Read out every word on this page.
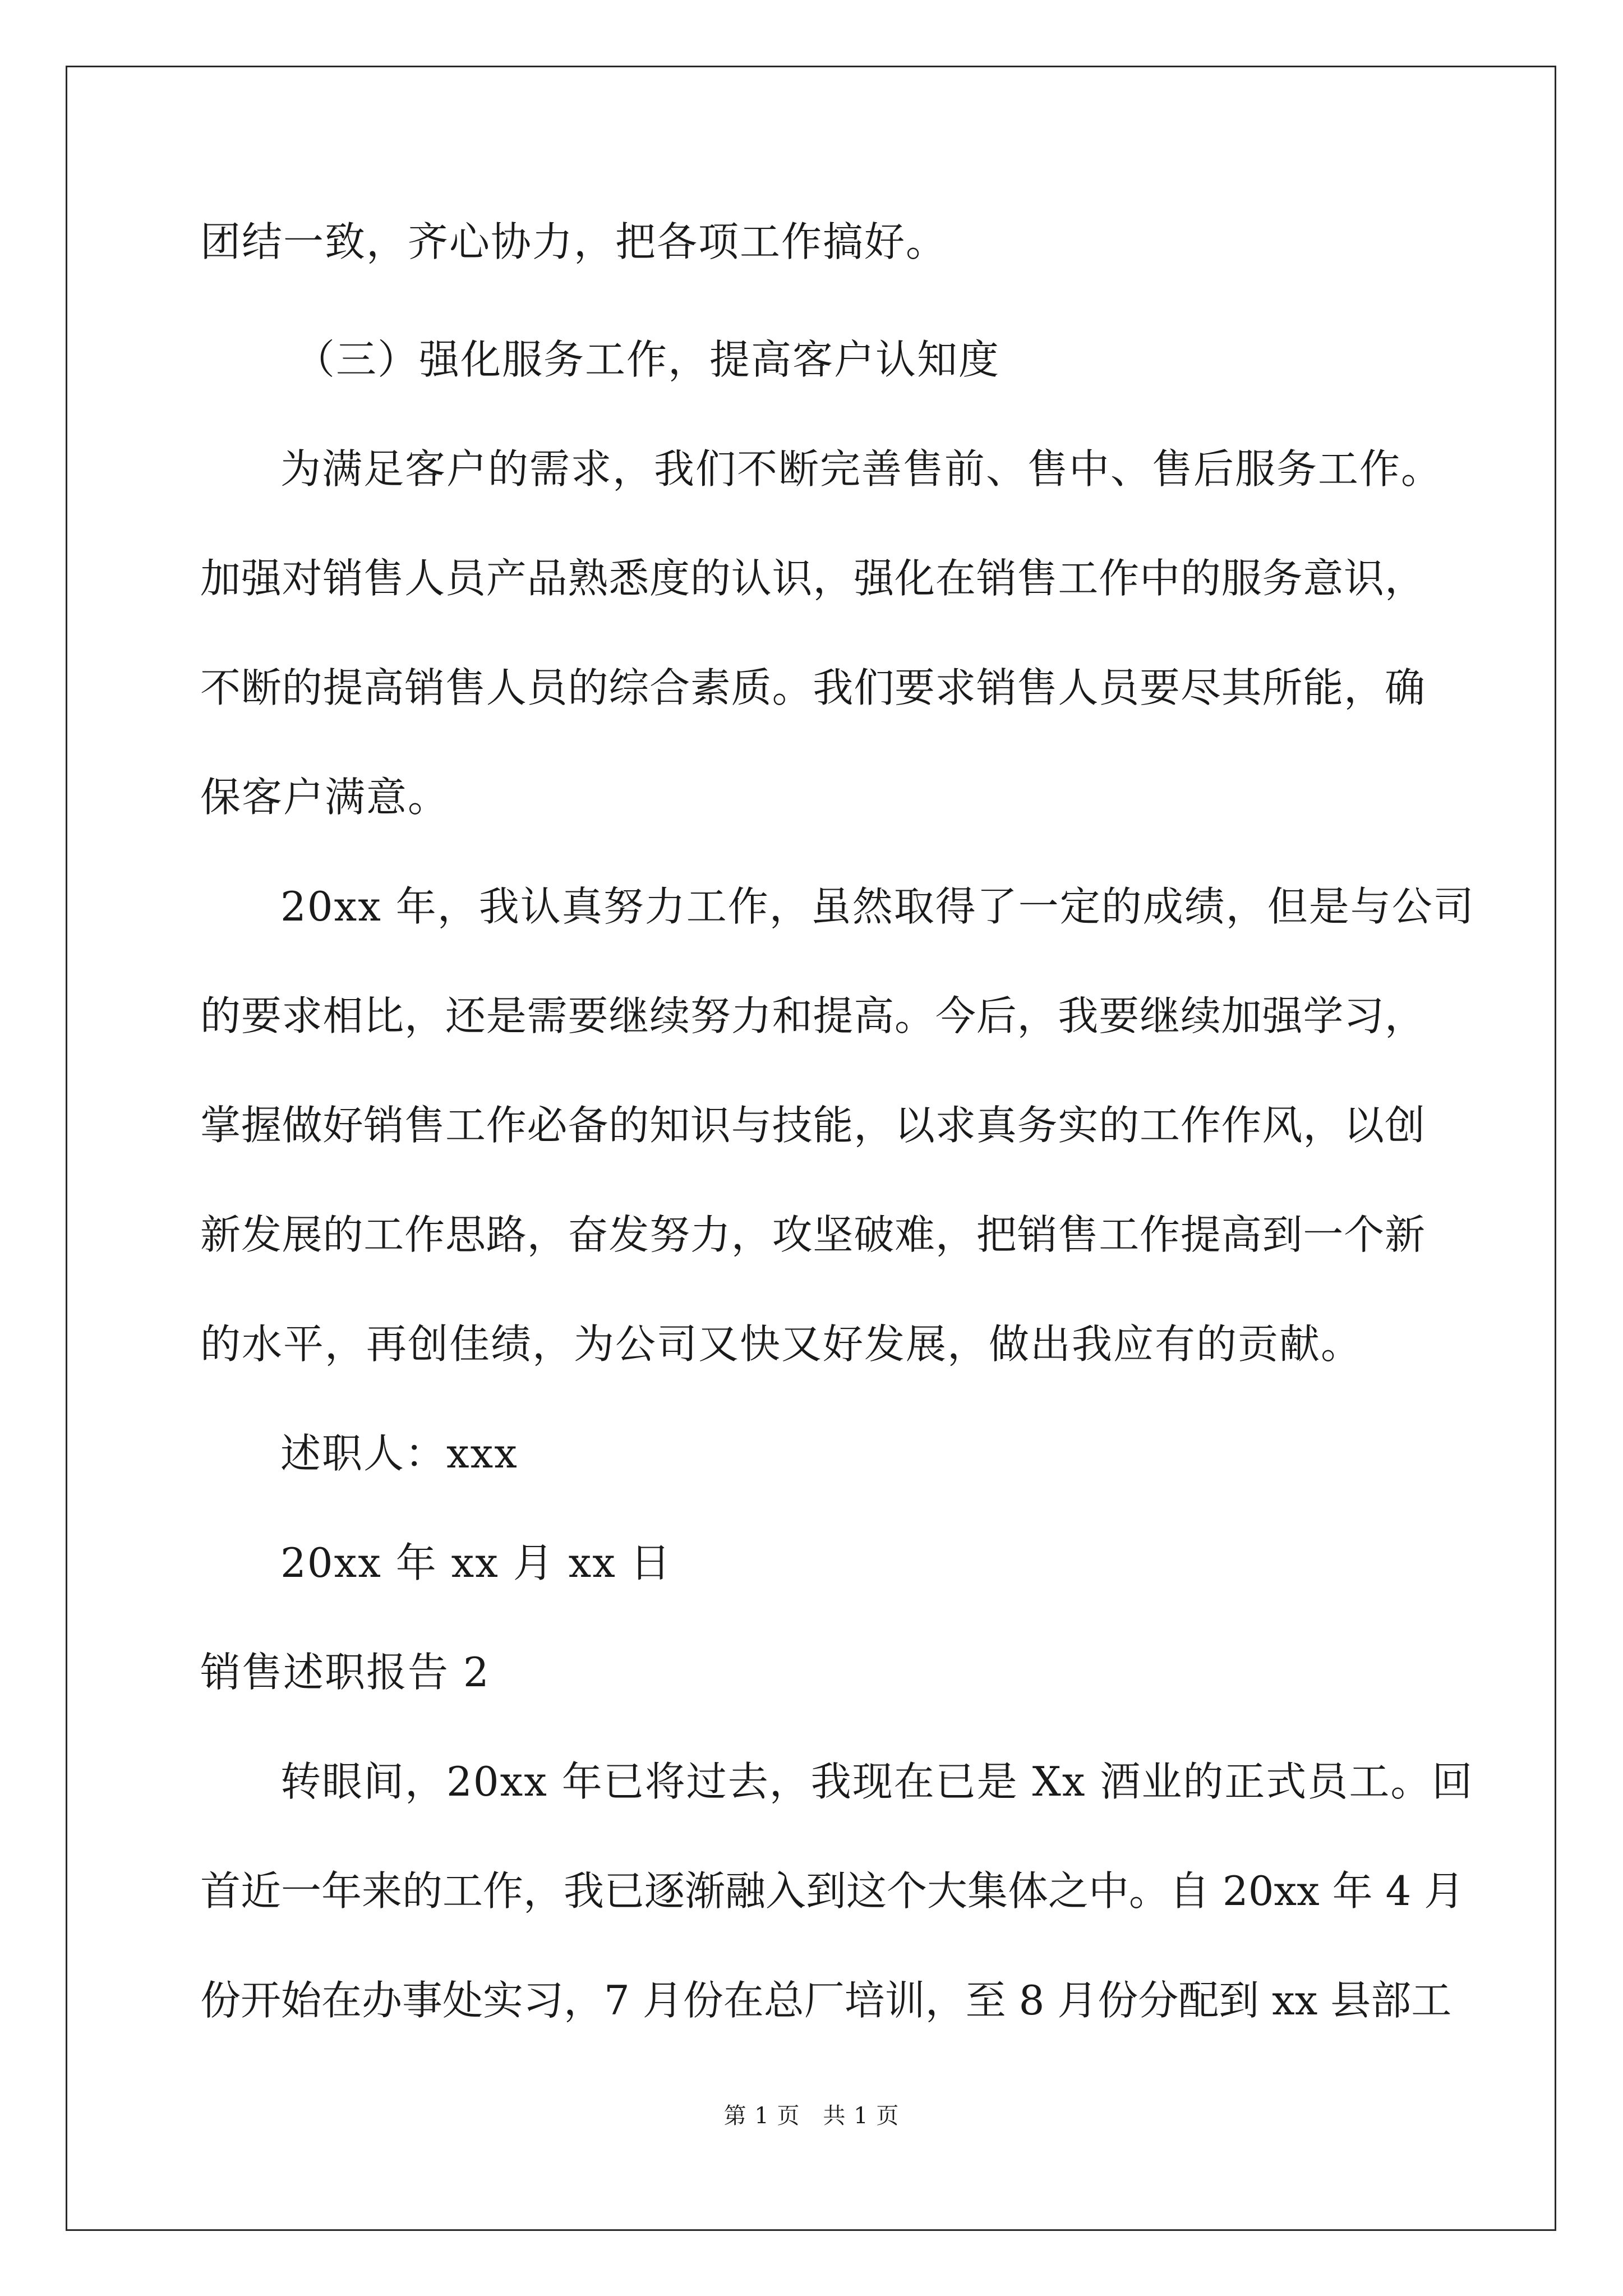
团结一致，齐心协力，把各项工作搞好。
（三）强化服务工作，提高客户认知度
为满足客户的需求，我们不断完善售前、售中、售后服务工作。
加强对销售人员产品熟悉度的认识，强化在销售工作中的服务意识，
不断的提高销售人员的综合素质。我们要求销售人员要尽其所能，确
保客户满意。
20xx 年，我认真努力工作，虽然取得了一定的成绩，但是与公司
的要求相比，还是需要继续努力和提高。今后，我要继续加强学习，
掌握做好销售工作必备的知识与技能，以求真务实的工作作风，以创
新发展的工作思路，奋发努力，攻坚破难，把销售工作提高到一个新
的水平，再创佳绩，为公司又快又好发展，做出我应有的贡献。
述职人：xxx
20xx 年 xx 月 xx 日
销售述职报告 2
转眼间，20xx 年已将过去，我现在已是 Xx 酒业的正式员工。回
首近一年来的工作，我已逐渐融入到这个大集体之中。自 20xx 年 4 月
份开始在办事处实习，7 月份在总厂培训，至 8 月份分配到 xx 县部工
第 1 页　共 1 页
